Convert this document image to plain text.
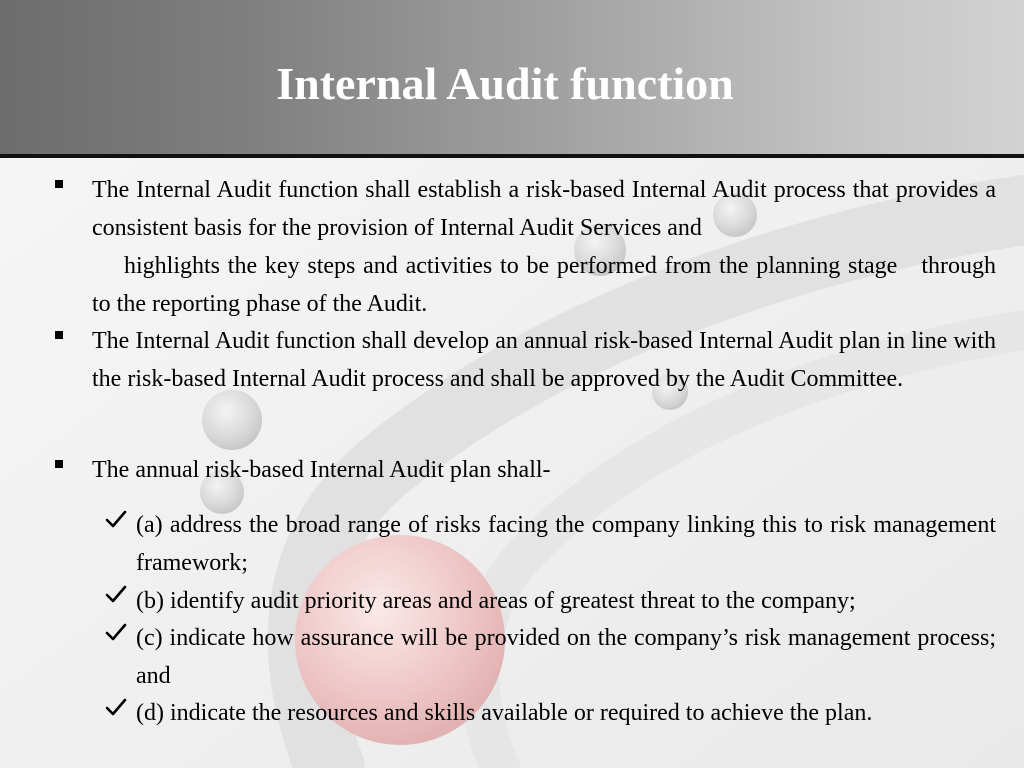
Internal Audit function

The Internal Audit function shall establish a risk-based Internal Audit process that provides a consistent basis for the provision of Internal Audit Services and
highlights the key steps and activities to be performed from the planning stage through to the reporting phase of the Audit.

The Internal Audit function shall develop an annual risk-based Internal Audit plan in line with the risk-based Internal Audit process and shall be approved by the Audit Committee.

The annual risk-based Internal Audit plan shall-

(a) address the broad range of risks facing the company linking this to risk management framework;

(b) identify audit priority areas and areas of greatest threat to the company;

(c) indicate how assurance will be provided on the company’s risk management process; and

(d) indicate the resources and skills available or required to achieve the plan.
